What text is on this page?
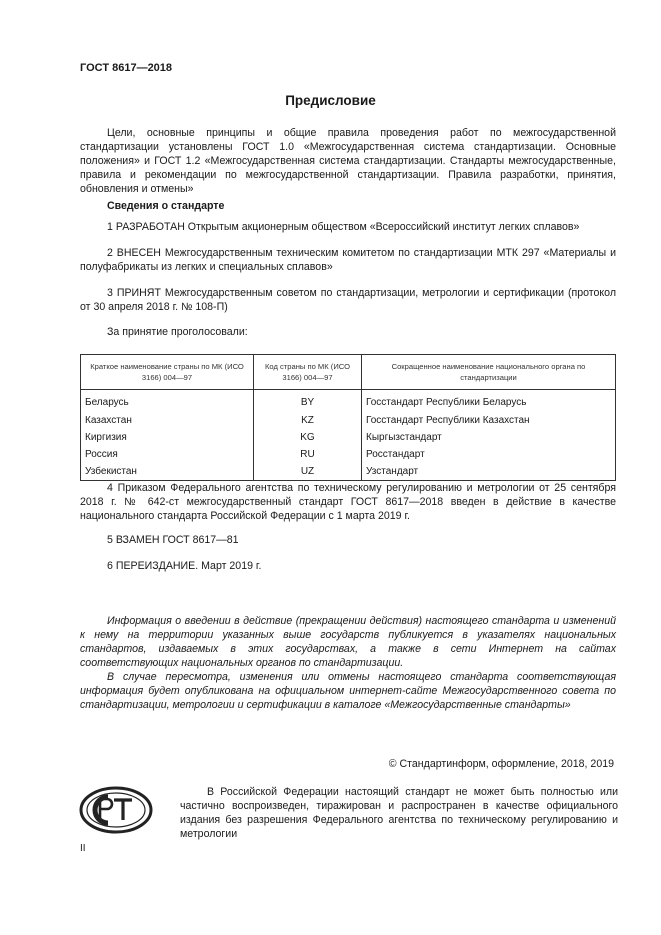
ГОСТ 8617—2018
Предисловие

Цели, основные принципы и общие правила проведения работ по межгосударственной стандартизации установлены ГОСТ 1.0 «Межгосударственная система стандартизации. Основные положения» и ГОСТ 1.2 «Межгосударственная система стандартизации. Стандарты межгосударственные, правила и рекомендации по межгосударственной стандартизации. Правила разработки, принятия, обновления и отмены»

Сведения о стандарте

1 РАЗРАБОТАН Открытым акционерным обществом «Всероссийский институт легких сплавов»

2 ВНЕСЕН Межгосударственным техническим комитетом по стандартизации МТК 297 «Материалы и полуфабрикаты из легких и специальных сплавов»

3 ПРИНЯТ Межгосударственным советом по стандартизации, метрологии и сертификации (протокол от 30 апреля 2018 г. № 108-П)

За принятие проголосовали:

Краткое наименование страны по МК (ИСО 3166) 004—97	Код страны по МК (ИСО 3166) 004—97	Сокращенное наименование национального органа по стандартизации
Беларусь	BY	Госстандарт Республики Беларусь
Казахстан	KZ	Госстандарт Республики Казахстан
Киргизия	KG	Кыргызстандарт
Россия	RU	Росстандарт
Узбекистан	UZ	Узстандарт

4 Приказом Федерального агентства по техническому регулированию и метрологии от 25 сентября 2018 г. № 642-ст межгосударственный стандарт ГОСТ 8617—2018 введен в действие в качестве национального стандарта Российской Федерации с 1 марта 2019 г.

5 ВЗАМЕН ГОСТ 8617—81

6 ПЕРЕИЗДАНИЕ. Март 2019 г.

Информация о введении в действие (прекращении действия) настоящего стандарта и изменений к нему на территории указанных выше государств публикуется в указателях национальных стандартов, издаваемых в этих государствах, а также в сети Интернет на сайтах соответствующих национальных органов по стандартизации.

В случае пересмотра, изменения или отмены настоящего стандарта соответствующая информация будет опубликована на официальном интернет-сайте Межгосударственного совета по стандартизации, метрологии и сертификации в каталоге «Межгосударственные стандарты»

© Стандартинформ, оформление, 2018, 2019

В Российской Федерации настоящий стандарт не может быть полностью или частично воспроизведен, тиражирован и распространен в качестве официального издания без разрешения Федерального агентства по техническому регулированию и метрологии

II
